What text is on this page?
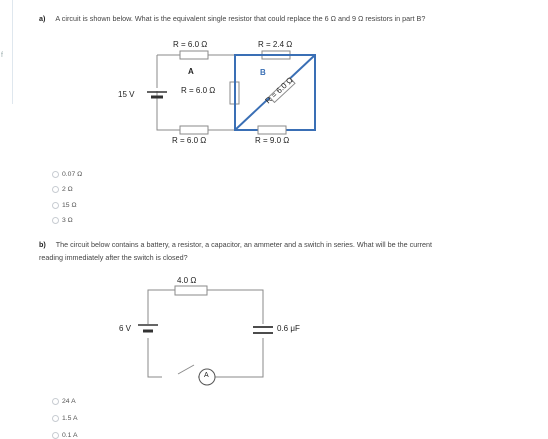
f
a) A circuit is shown below. What is the equivalent single resistor that could replace the 6 Ω and 9 Ω resistors in part B?
R = 6.0 Ω	R = 2.4 Ω
A	B
R = 6.0 Ω
15 V	R = 6.0 Ω
R = 6.0 Ω	R = 9.0 Ω
0.07 Ω
2 Ω
15 Ω
3 Ω
b) The circuit below contains a battery, a resistor, a capacitor, an ammeter and a switch in series. What will be the current
reading immediately after the switch is closed?
4.0 Ω
6 V	0.6 μF
A
24 A
1.5 A
0.1 A
